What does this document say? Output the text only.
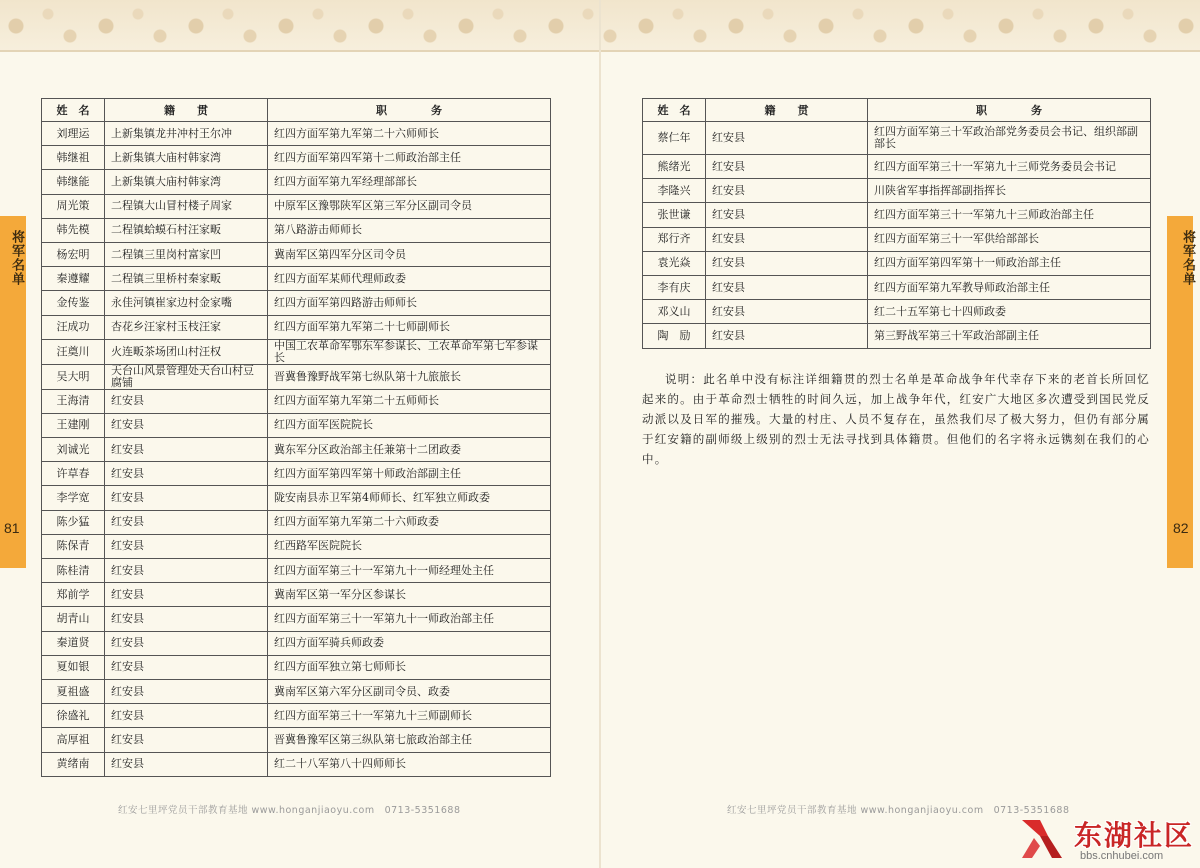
将军名单
81
将军名单
82
姓　名	籍　　贯	职　　　　务
刘理运	上新集镇龙井冲村王尔冲	红四方面军第九军第二十六师师长
韩继祖	上新集镇大庙村韩家湾	红四方面军第四军第十二师政治部主任
韩继能	上新集镇大庙村韩家湾	红四方面军第九军经理部部长
周光策	二程镇大山冒村楼子周家	中原军区豫鄂陕军区第三军分区副司令员
韩先模	二程镇蛤蟆石村汪家畈	第八路游击师师长
杨宏明	二程镇三里岗村富家凹	冀南军区第四军分区司令员
秦遵耀	二程镇三里桥村秦家畈	红四方面军某师代理师政委
金传鉴	永佳河镇崔家边村金家嘴	红四方面军第四路游击师师长
汪成功	杏花乡汪家村玉枝汪家	红四方面军第九军第二十七师副师长
汪奠川	火连畈茶场团山村汪权	中国工农革命军鄂东军参谋长、工农革命军第七军参谋长
吴大明	天台山风景管理处天台山村豆腐铺	晋冀鲁豫野战军第七纵队第十九旅旅长
王海清	红安县	红四方面军第九军第二十五师师长
王建刚	红安县	红四方面军医院院长
刘诚光	红安县	冀东军分区政治部主任兼第十二团政委
许草春	红安县	红四方面军第四军第十师政治部副主任
李学宽	红安县	陇安南县赤卫军第4师师长、红军独立师政委
陈少猛	红安县	红四方面军第九军第二十六师政委
陈保青	红安县	红西路军医院院长
陈桂清	红安县	红四方面军第三十一军第九十一师经理处主任
郑前学	红安县	冀南军区第一军分区参谋长
胡青山	红安县	红四方面军第三十一军第九十一师政治部主任
秦道贤	红安县	红四方面军骑兵师政委
夏如银	红安县	红四方面军独立第七师师长
夏祖盛	红安县	冀南军区第六军分区副司令员、政委
徐盛礼	红安县	红四方面军第三十一军第九十三师副师长
高厚祖	红安县	晋冀鲁豫军区第三纵队第七旅政治部主任
黄绪南	红安县	红二十八军第八十四师师长
姓　名	籍　　贯	职　　　　务
蔡仁年	红安县	红四方面军第三十军政治部党务委员会书记、组织部副部长
熊绪光	红安县	红四方面军第三十一军第九十三师党务委员会书记
李隆兴	红安县	川陕省军事指挥部副指挥长
张世谦	红安县	红四方面军第三十一军第九十三师政治部主任
郑行齐	红安县	红四方面军第三十一军供给部部长
袁光焱	红安县	红四方面军第四军第十一师政治部主任
李有庆	红安县	红四方面军第九军教导师政治部主任
邓义山	红安县	红二十五军第七十四师政委
陶　励	红安县	第三野战军第三十军政治部副主任
说明：此名单中没有标注详细籍贯的烈士名单是革命战争年代幸存下来的老首长所回忆起来的。由于革命烈士牺牲的时间久远，加上战争年代，红安广大地区多次遭受到国民党反动派以及日军的摧残。大量的村庄、人员不复存在，虽然我们尽了极大努力，但仍有部分属于红安籍的副师级上级别的烈士无法寻找到具体籍贯。但他们的名字将永远镌刻在我们的心中。
红安七里坪党员干部教育基地 www.honganjiaoyu.com　0713-5351688	红安七里坪党员干部教育基地 www.honganjiaoyu.com　0713-5351688
东湖社区
bbs.cnhubei.com
